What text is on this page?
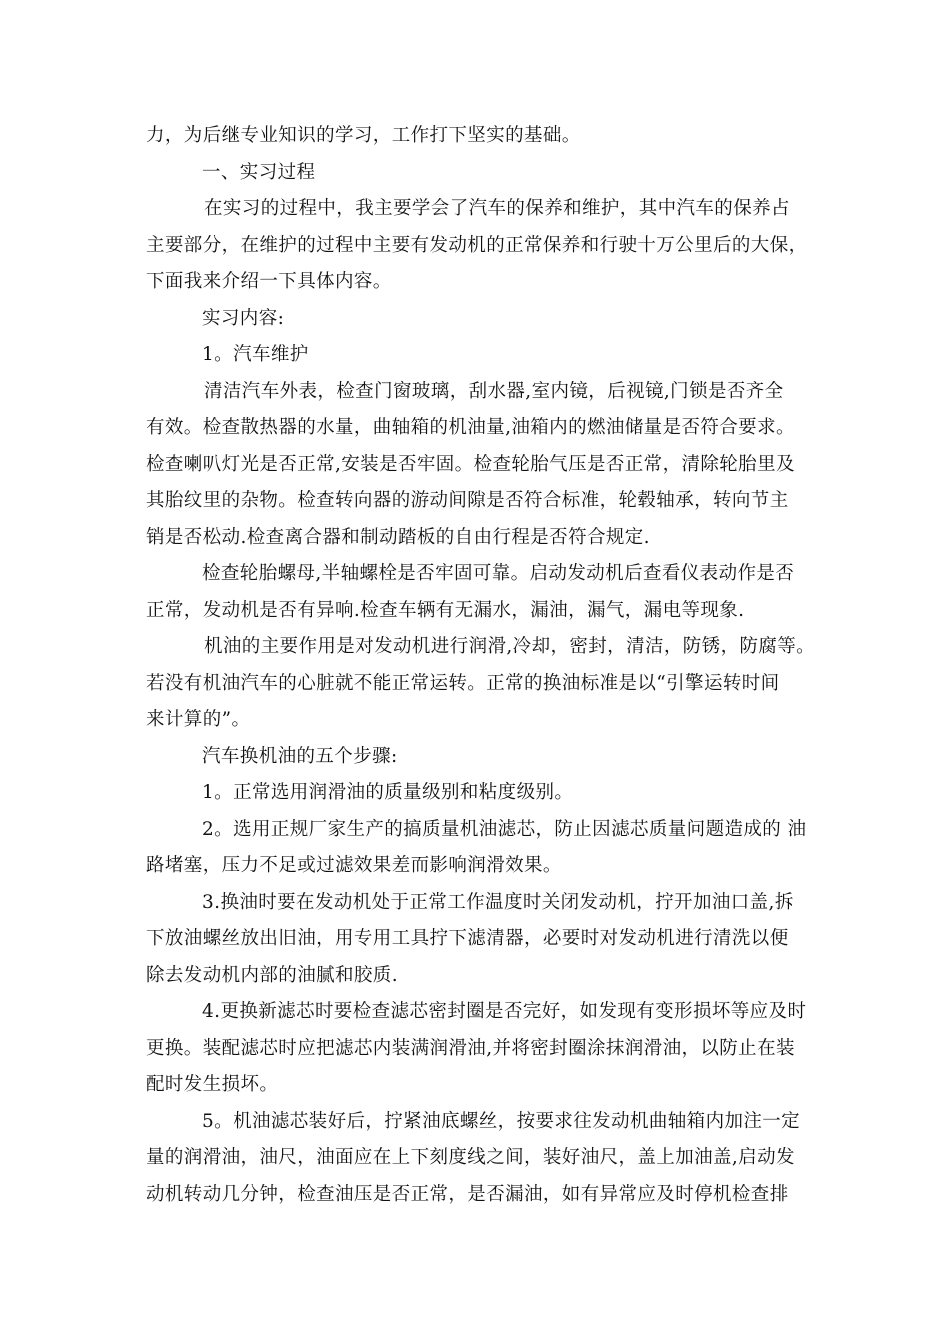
力，为后继专业知识的学习，工作打下坚实的基础。
一、实习过程
在实习的过程中，我主要学会了汽车的保养和维护，其中汽车的保养占
主要部分，在维护的过程中主要有发动机的正常保养和行驶十万公里后的大保，
下面我来介绍一下具体内容。
实习内容:
1。汽车维护
清洁汽车外表，检查门窗玻璃，刮水器,室内镜，后视镜,门锁是否齐全
有效。检查散热器的水量，曲轴箱的机油量,油箱内的燃油储量是否符合要求。
检查喇叭灯光是否正常,安装是否牢固。检查轮胎气压是否正常，清除轮胎里及
其胎纹里的杂物。检查转向器的游动间隙是否符合标准，轮毂轴承，转向节主
销是否松动.检查离合器和制动踏板的自由行程是否符合规定.
检查轮胎螺母,半轴螺栓是否牢固可靠。启动发动机后查看仪表动作是否
正常，发动机是否有异响.检查车辆有无漏水，漏油，漏气，漏电等现象.
机油的主要作用是对发动机进行润滑,冷却，密封，清洁，防锈，防腐等。
若没有机油汽车的心脏就不能正常运转。正常的换油标准是以“引擎运转时间
来计算的”。
汽车换机油的五个步骤:
1。正常选用润滑油的质量级别和粘度级别。
2。选用正规厂家生产的搞质量机油滤芯，防止因滤芯质量问题造成的 油
路堵塞，压力不足或过滤效果差而影响润滑效果。
3.换油时要在发动机处于正常工作温度时关闭发动机，拧开加油口盖,拆
下放油螺丝放出旧油，用专用工具拧下滤清器，必要时对发动机进行清洗以便
除去发动机内部的油腻和胶质.
4.更换新滤芯时要检查滤芯密封圈是否完好，如发现有变形损坏等应及时
更换。装配滤芯时应把滤芯内装满润滑油,并将密封圈涂抹润滑油，以防止在装
配时发生损坏。
5。机油滤芯装好后，拧紧油底螺丝，按要求往发动机曲轴箱内加注一定
量的润滑油，油尺，油面应在上下刻度线之间，装好油尺，盖上加油盖,启动发
动机转动几分钟，检查油压是否正常，是否漏油，如有异常应及时停机检查排
